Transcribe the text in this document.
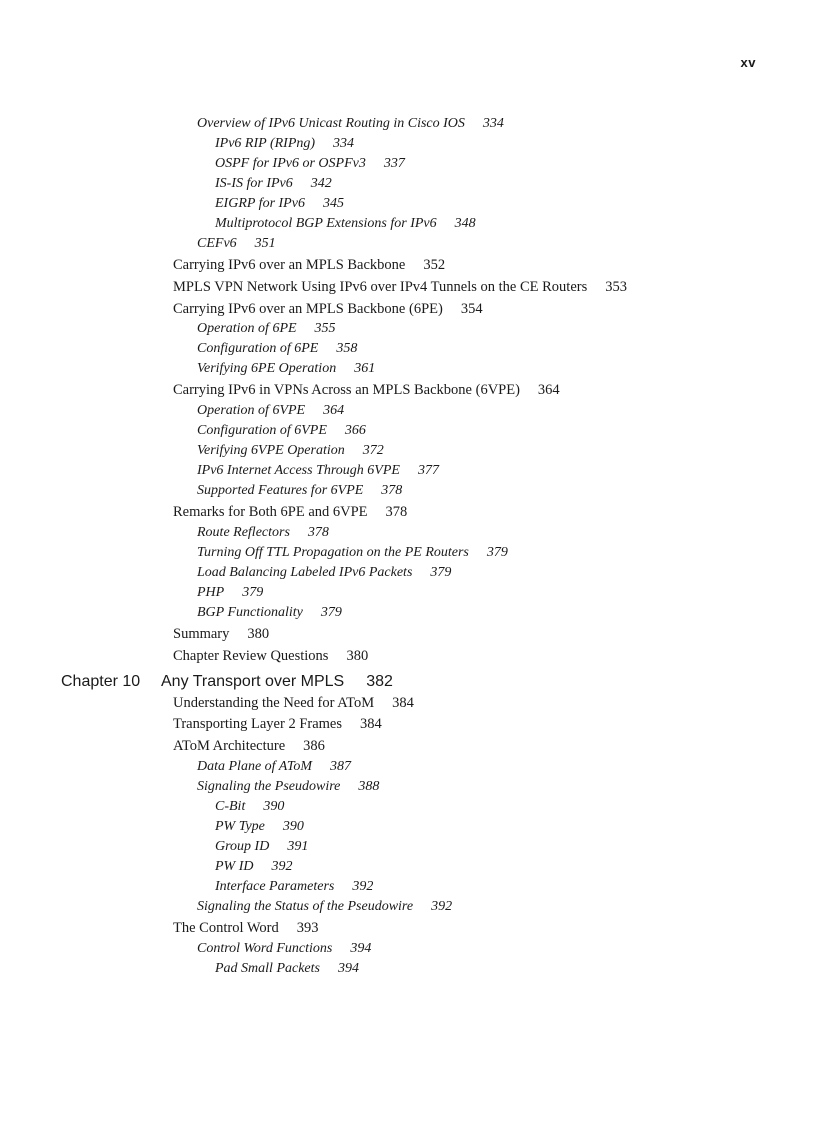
xv
Overview of IPv6 Unicast Routing in Cisco IOS 334
IPv6 RIP (RIPng) 334
OSPF for IPv6 or OSPFv3 337
IS-IS for IPv6 342
EIGRP for IPv6 345
Multiprotocol BGP Extensions for IPv6 348
CEFv6 351
Carrying IPv6 over an MPLS Backbone 352
MPLS VPN Network Using IPv6 over IPv4 Tunnels on the CE Routers 353
Carrying IPv6 over an MPLS Backbone (6PE) 354
Operation of 6PE 355
Configuration of 6PE 358
Verifying 6PE Operation 361
Carrying IPv6 in VPNs Across an MPLS Backbone (6VPE) 364
Operation of 6VPE 364
Configuration of 6VPE 366
Verifying 6VPE Operation 372
IPv6 Internet Access Through 6VPE 377
Supported Features for 6VPE 378
Remarks for Both 6PE and 6VPE 378
Route Reflectors 378
Turning Off TTL Propagation on the PE Routers 379
Load Balancing Labeled IPv6 Packets 379
PHP 379
BGP Functionality 379
Summary 380
Chapter Review Questions 380
Chapter 10 Any Transport over MPLS 382
Understanding the Need for AToM 384
Transporting Layer 2 Frames 384
AToM Architecture 386
Data Plane of AToM 387
Signaling the Pseudowire 388
C-Bit 390
PW Type 390
Group ID 391
PW ID 392
Interface Parameters 392
Signaling the Status of the Pseudowire 392
The Control Word 393
Control Word Functions 394
Pad Small Packets 394
